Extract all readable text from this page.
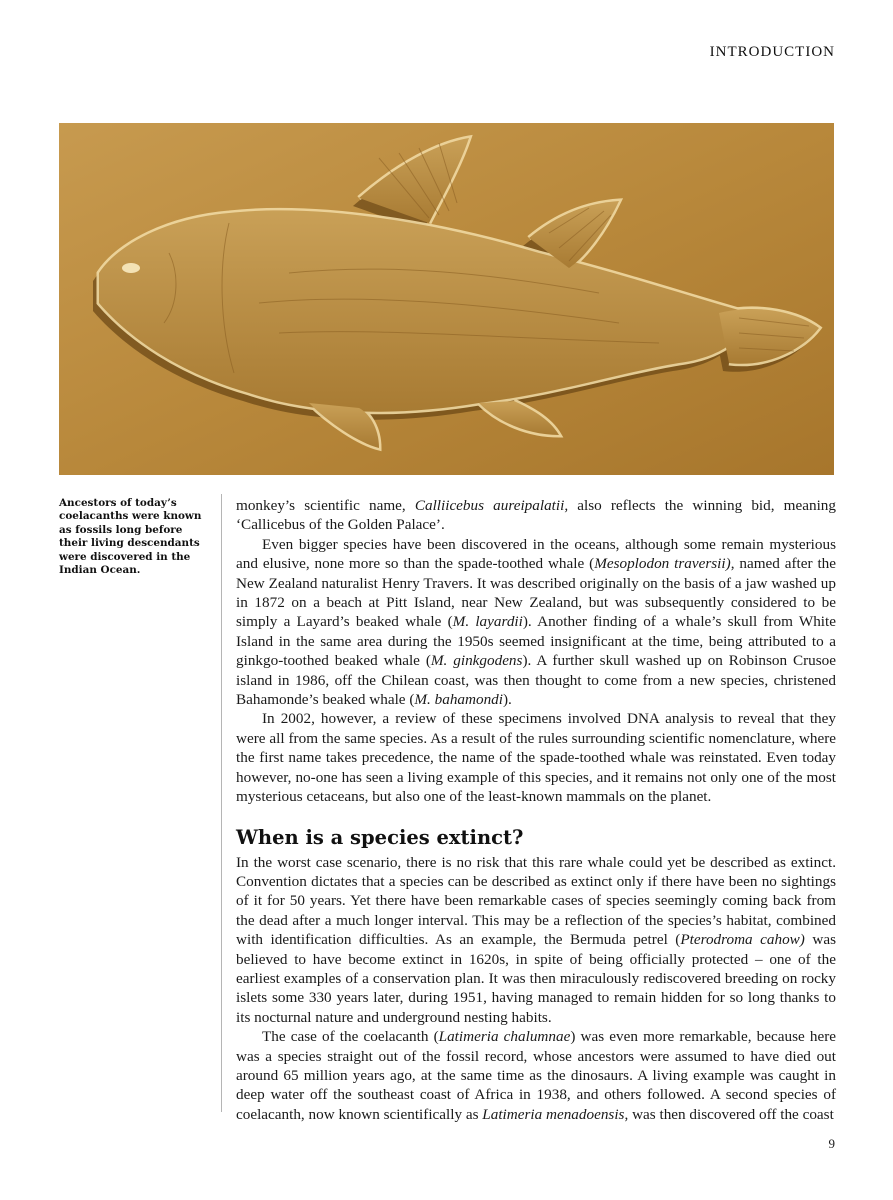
INTRODUCTION
Ancestors of today’s coelacanths were known as fossils long before their living descendants were discovered in the Indian Ocean.

monkey’s scientific name, Calliicebus aureipalatii, also reflects the winning bid, meaning ‘Callicebus of the Golden Palace’.

Even bigger species have been discovered in the oceans, although some remain mysterious and elusive, none more so than the spade-toothed whale (Mesoplodon traversii), named after the New Zealand naturalist Henry Travers. It was described originally on the basis of a jaw washed up in 1872 on a beach at Pitt Island, near New Zealand, but was subsequently considered to be simply a Layard’s beaked whale (M. layardii). Another finding of a whale’s skull from White Island in the same area during the 1950s seemed insignificant at the time, being attributed to a ginkgo-toothed beaked whale (M. ginkgodens). A further skull washed up on Robinson Crusoe island in 1986, off the Chilean coast, was then thought to come from a new species, christened Bahamonde’s beaked whale (M. bahamondi).

In 2002, however, a review of these specimens involved DNA analysis to reveal that they were all from the same species. As a result of the rules surrounding scientific nomenclature, where the first name takes precedence, the name of the spade-toothed whale was reinstated. Even today however, no-one has seen a living example of this species, and it remains not only one of the most mysterious cetaceans, but also one of the least-known mammals on the planet.

When is a species extinct?

In the worst case scenario, there is no risk that this rare whale could yet be described as extinct. Convention dictates that a species can be described as extinct only if there have been no sightings of it for 50 years. Yet there have been remarkable cases of species seemingly coming back from the dead after a much longer interval. This may be a reflection of the species’s habitat, combined with identification difficulties. As an example, the Bermuda petrel (Pterodroma cahow) was believed to have become extinct in 1620s, in spite of being officially protected – one of the earliest examples of a conservation plan. It was then miraculously rediscovered breeding on rocky islets some 330 years later, during 1951, having managed to remain hidden for so long thanks to its nocturnal nature and underground nesting habits.

The case of the coelacanth (Latimeria chalumnae) was even more remarkable, because here was a species straight out of the fossil record, whose ancestors were assumed to have died out around 65 million years ago, at the same time as the dinosaurs. A living example was caught in deep water off the southeast coast of Africa in 1938, and others followed. A second species of coelacanth, now known scientifically as Latimeria menadoensis, was then discovered off the coast

9
